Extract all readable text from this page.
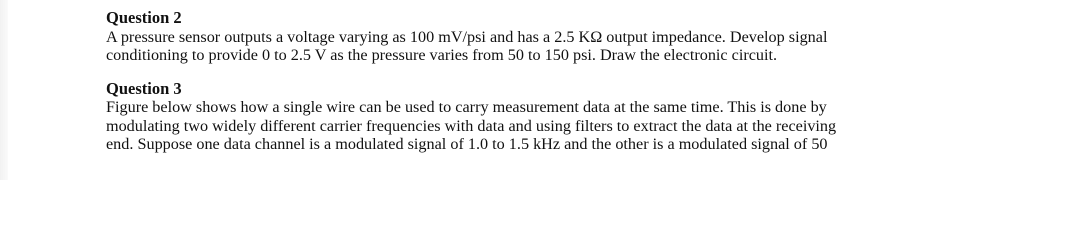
Question 2

A pressure sensor outputs a voltage varying as 100 mV/psi and has a 2.5 KΩ output impedance. Develop signal

conditioning to provide 0 to 2.5 V as the pressure varies from 50 to 150 psi. Draw the electronic circuit.

Question 3

Figure below shows how a single wire can be used to carry measurement data at the same time. This is done by

modulating two widely different carrier frequencies with data and using filters to extract the data at the receiving

end. Suppose one data channel is a modulated signal of 1.0 to 1.5 kHz and the other is a modulated signal of 50
